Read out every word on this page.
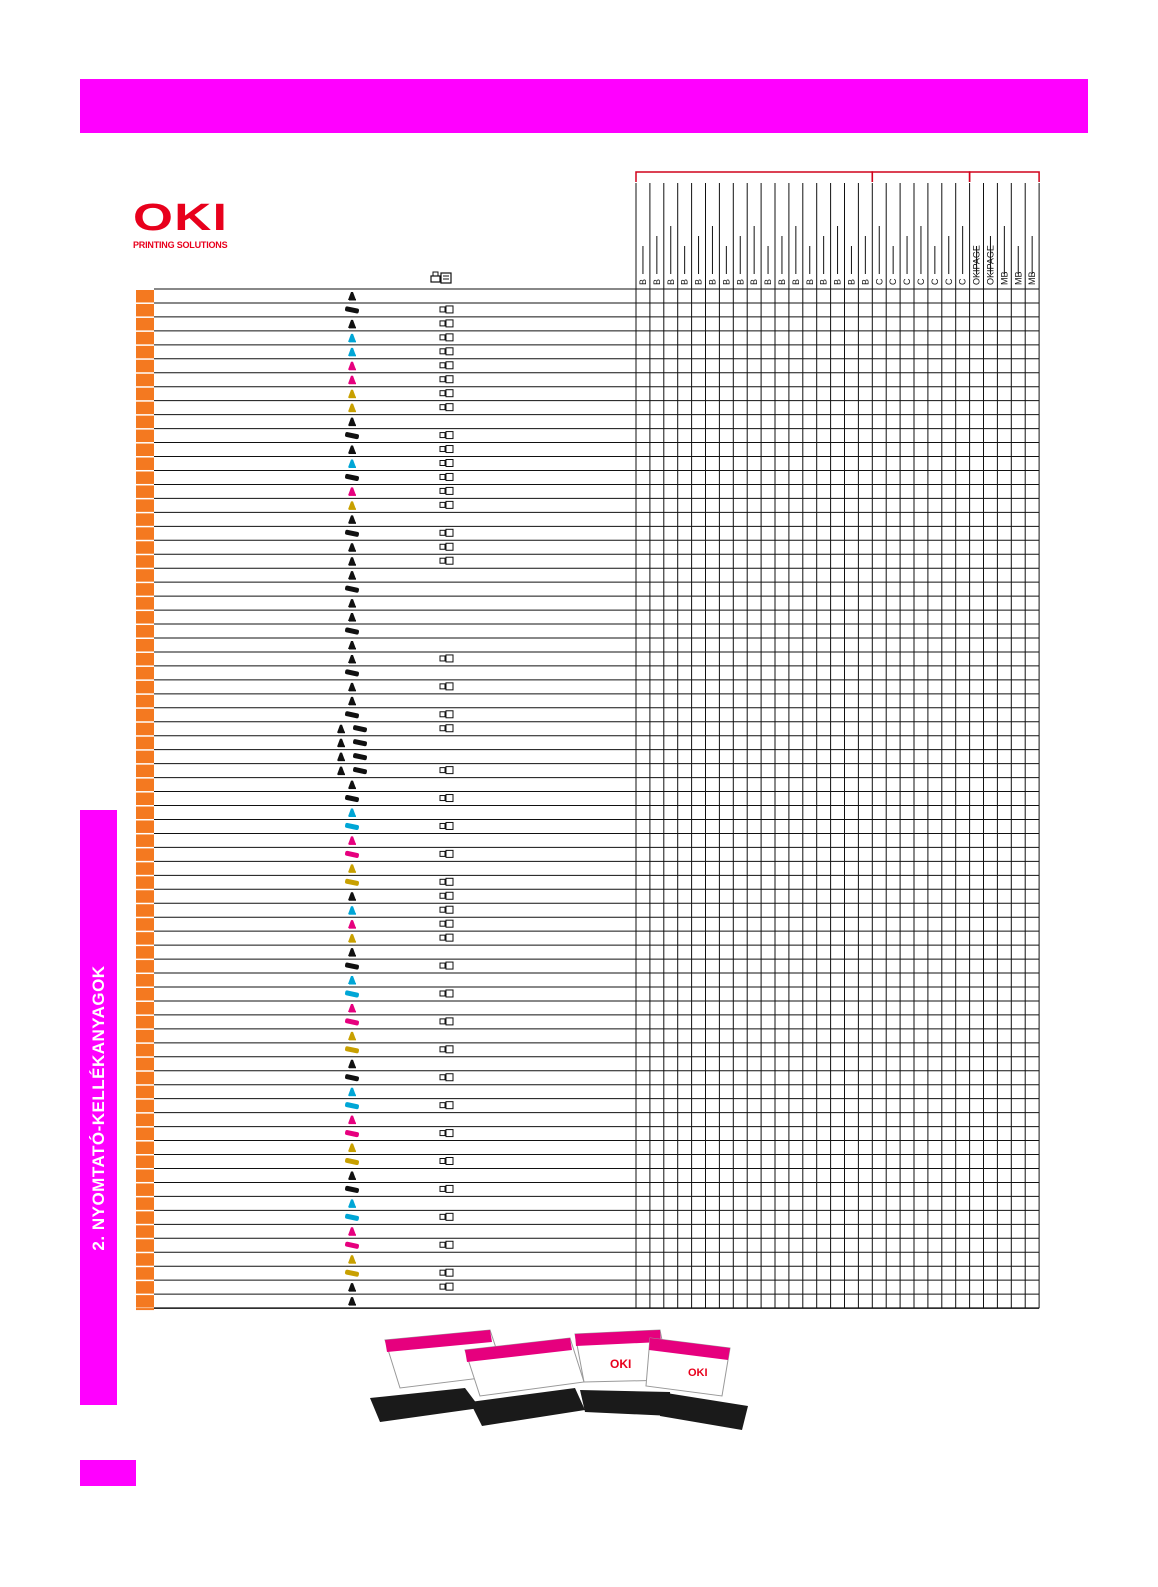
OKI
PRINTING SOLUTIONS
B B B B B B B B B B B B B B B B B C C C C C C C OKIPAGE OKIPAGE MB MB MB
2. NYOMTATÓ-KELLÉKANYAGOK
OKI
OKI
